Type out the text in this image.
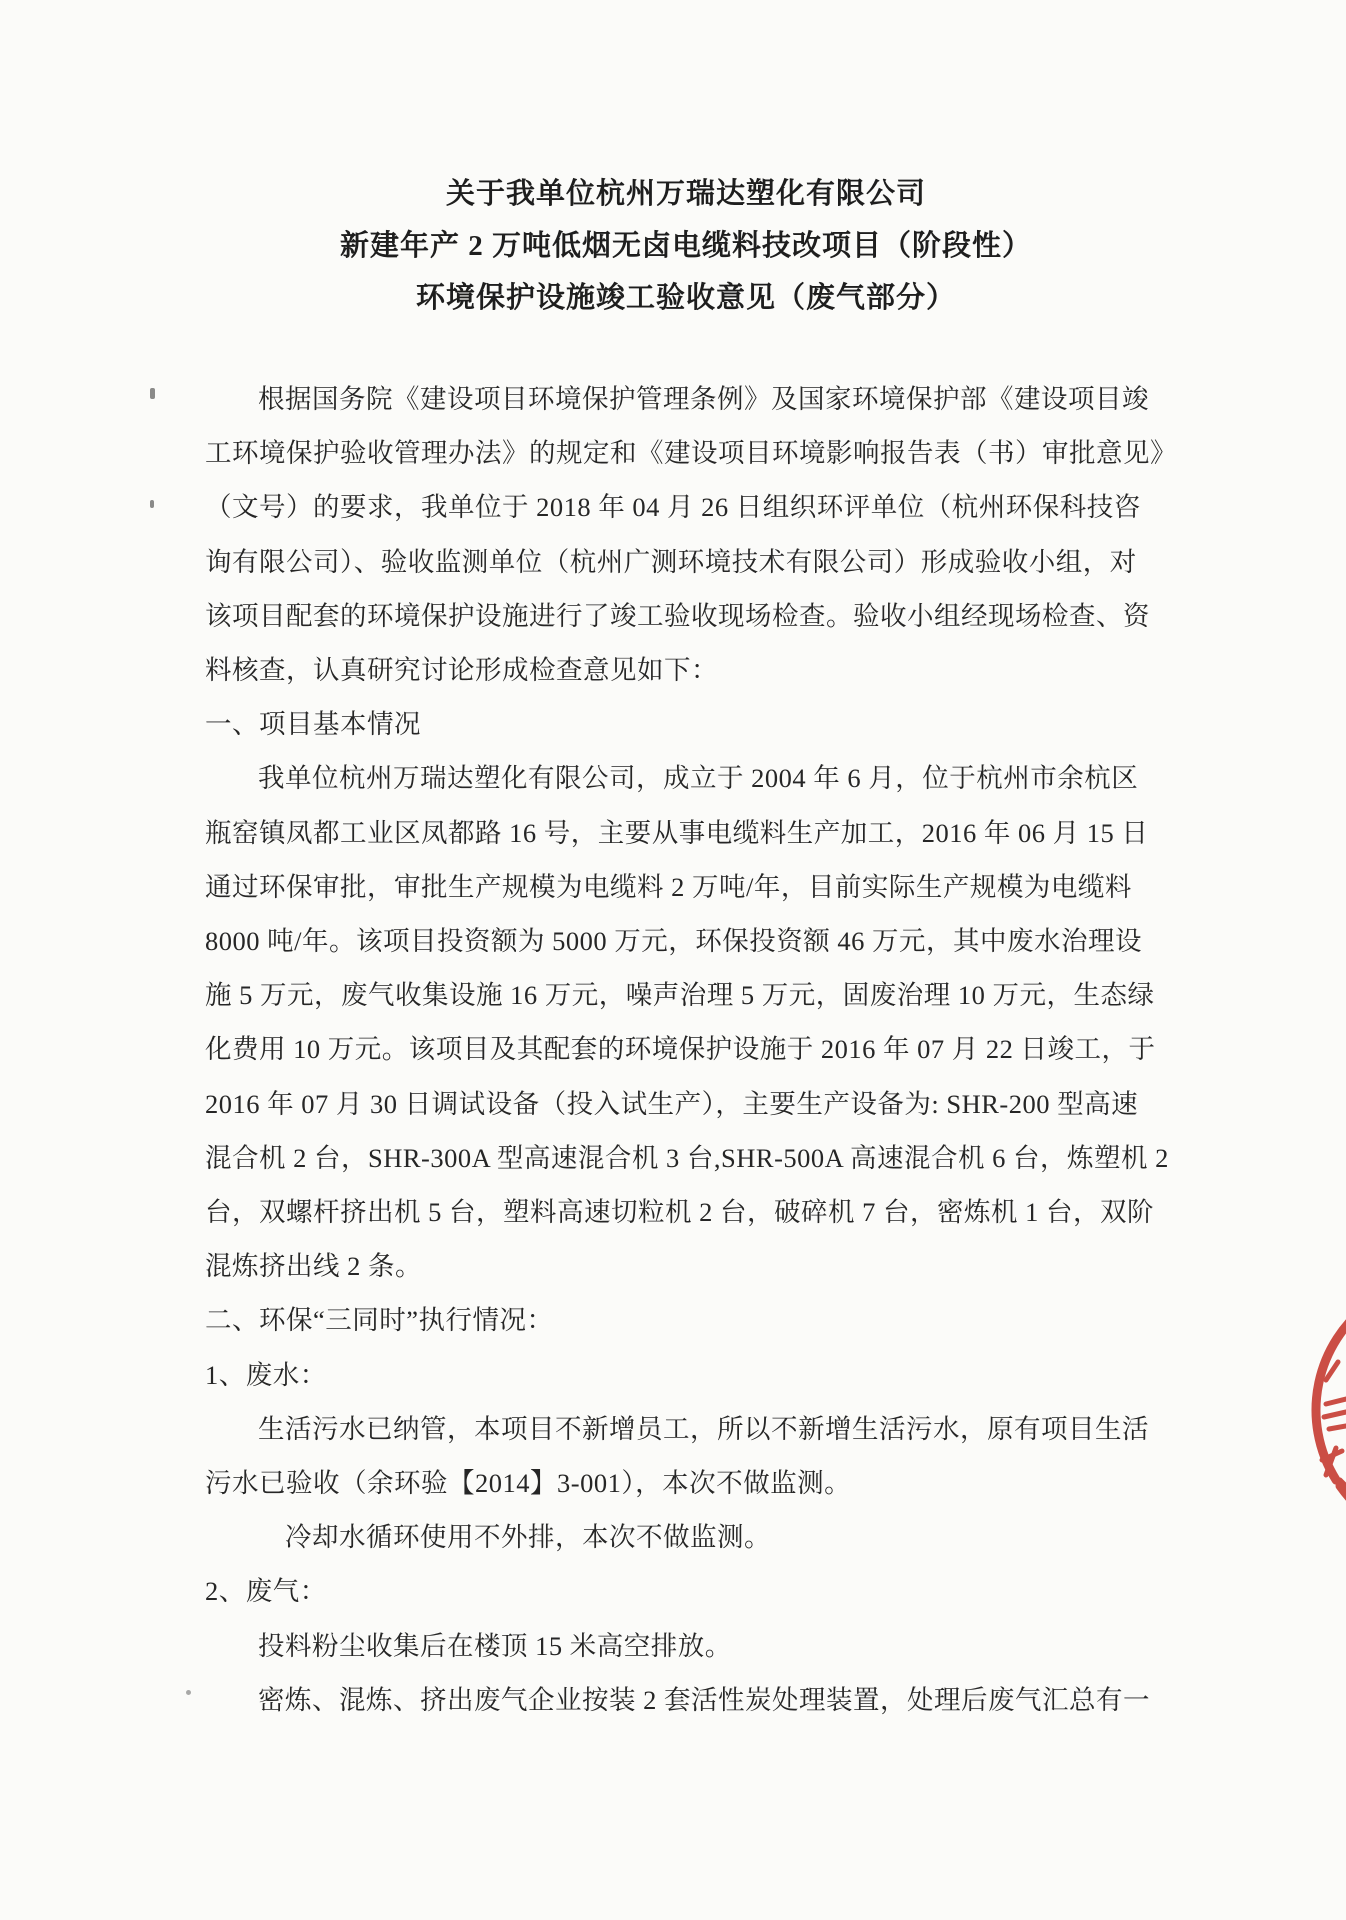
关于我单位杭州万瑞达塑化有限公司
新建年产 2 万吨低烟无卤电缆料技改项目（阶段性）
环境保护设施竣工验收意见（废气部分）
根据国务院《建设项目环境保护管理条例》及国家环境保护部《建设项目竣
工环境保护验收管理办法》的规定和《建设项目环境影响报告表（书）审批意见》
（文号）的要求，我单位于 2018 年 04 月 26 日组织环评单位（杭州环保科技咨
询有限公司）、验收监测单位（杭州广测环境技术有限公司）形成验收小组，对
该项目配套的环境保护设施进行了竣工验收现场检查。验收小组经现场检查、资
料核查，认真研究讨论形成检查意见如下：
一、项目基本情况
我单位杭州万瑞达塑化有限公司，成立于 2004 年 6 月，位于杭州市余杭区
瓶窑镇凤都工业区凤都路 16 号，主要从事电缆料生产加工，2016 年 06 月 15 日
通过环保审批，审批生产规模为电缆料 2 万吨/年，目前实际生产规模为电缆料
8000 吨/年。该项目投资额为 5000 万元，环保投资额 46 万元，其中废水治理设
施 5 万元，废气收集设施 16 万元，噪声治理 5 万元，固废治理 10 万元，生态绿
化费用 10 万元。该项目及其配套的环境保护设施于 2016 年 07 月 22 日竣工，于
2016 年 07 月 30 日调试设备（投入试生产），主要生产设备为: SHR-200 型高速
混合机 2 台，SHR-300A 型高速混合机 3 台,SHR-500A 高速混合机 6 台，炼塑机 2
台，双螺杆挤出机 5 台，塑料高速切粒机 2 台，破碎机 7 台，密炼机 1 台，双阶
混炼挤出线 2 条。
二、环保“三同时”执行情况：
1、废水：
生活污水已纳管，本项目不新增员工，所以不新增生活污水，原有项目生活
污水已验收（余环验【2014】3-001），本次不做监测。
冷却水循环使用不外排，本次不做监测。
2、废气：
投料粉尘收集后在楼顶 15 米高空排放。
密炼、混炼、挤出废气企业按装 2 套活性炭处理装置，处理后废气汇总有一
